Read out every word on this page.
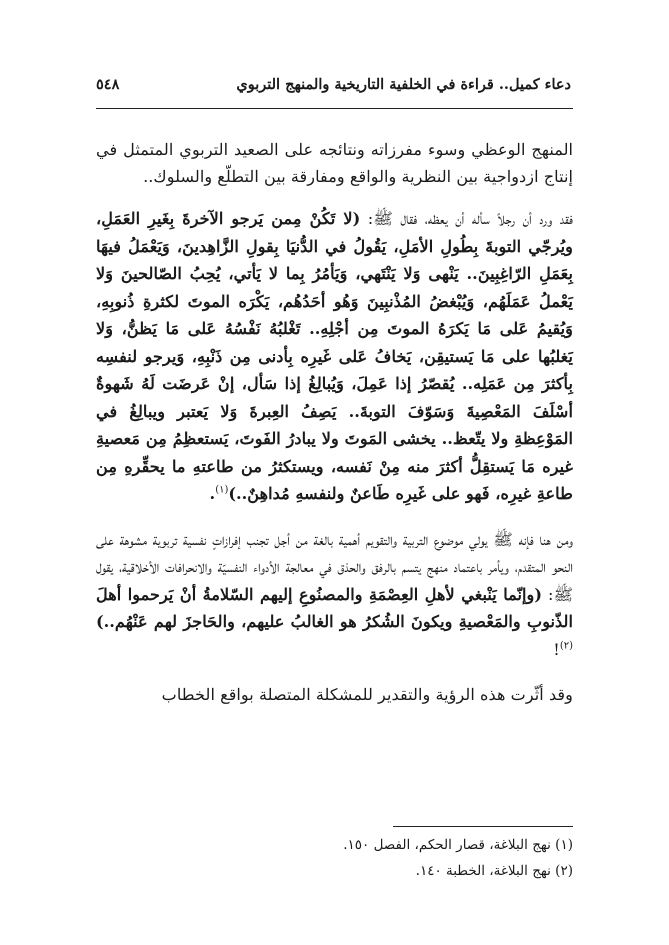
٥٤٨	دعاء كميل.. قراءة في الخلفية التاريخية والمنهج التربوي

المنهج الوعظي وسوء مفرزاته ونتائجه على الصعيد التربوي المتمثل في إنتاج ازدواجية بين النظرية والواقع ومفارقة بين التطلّع والسلوك..

فقد ورد أن رجلاً سأله أن يعظه، فقال ﷺ: (لا تَكُنْ مِمن يَرجو الآخرةَ بِغَيرِ العَمَلِ، ويُرجّي التوبةَ بِطُولِ الأمَلِ، يَقُولُ في الدُّنيَا بِقولِ الزَّاهِدينَ، وَيَعْمَلُ فيهَا بِعَمَلِ الرّاغِبِينَ.. يَنْهى وَلا يَنْتَهي، وَيَأمُرُ بِما لا يَأتي، يُحِبُ الصّالحينَ وَلا يَعْملُ عَمَلَهُم، وَيُبْغضُ المُذْنبِينَ وَهُو أحَدُهُم، يَكْرَه الموتَ لكثرةِ ذُنوبِهِ، وَيُقيمُ عَلى مَا يَكرَهُ الموتَ مِن أجْلِهِ.. تَغْلبُهُ نَفْسُهُ عَلى مَا يَظنُّ، وَلا يَغلبُها على مَا يَستيقِن، يَخافُ عَلى غَيرِه بِأدنى مِن ذَنْبِهِ، وَيرجو لنفسِه بِأكثرَ مِن عَمَلِه.. يُقصّرُ إذا عَمِلَ، وَيُبالِغُ إذا سَأل، إنْ عَرضَت لَهُ شَهوةٌ أسْلَفَ المَعْصِيةَ وَسَوّفَ التوبةَ.. يَصِفُ العِبرةَ وَلا يَعتبر ويبالِغُ في المَوْعِظةِ ولا يتّعظ.. يخشى المَوتَ ولا يبادرُ الفَوتَ، يَستعظِمُ مِن مَعصيةِ غيره مَا يَستقِلُّ أكثرَ منه مِنْ نَفسه، ويستكثرُ من طاعتهِ ما يحقِّرهِ مِن طاعةِ غيرِه، فَهو على غَيرِه طَاعنٌ ولنفسهِ مُداهِنٌ..)$^{(١)}$.

ومن هنا فإنه ﷺ يولي موضوع التربية والتقويم أهمية بالغة من أجل تجنب إفرازاتٍ نفسية تربوية مشوهة على النحو المتقدم، ويأمر باعتماد منهج يتسم بالرفق والحذق في معالجة الأدواء النفسيّة والانحرافات الأخلاقية، يقول ﷺ: (وإنّما يَنْبغي لأهلِ العِصْمَةِ والمصنُوعِ إليهم السّلامةُ أنْ يَرحموا أهلَ الذّنوبِ والمَعْصيةِ ويكونَ الشُكرُ هو الغالبُ عليهم، والحَاجزَ لهم عَنْهُم..)$^{(٢)}$!

وقد أثّرت هذه الرؤية والتقدير للمشكلة المتصلة بواقع الخطاب

(١) نهج البلاغة، قصار الحكم، الفصل ١٥٠.

(٢) نهج البلاغة، الخطبة ١٤٠.
